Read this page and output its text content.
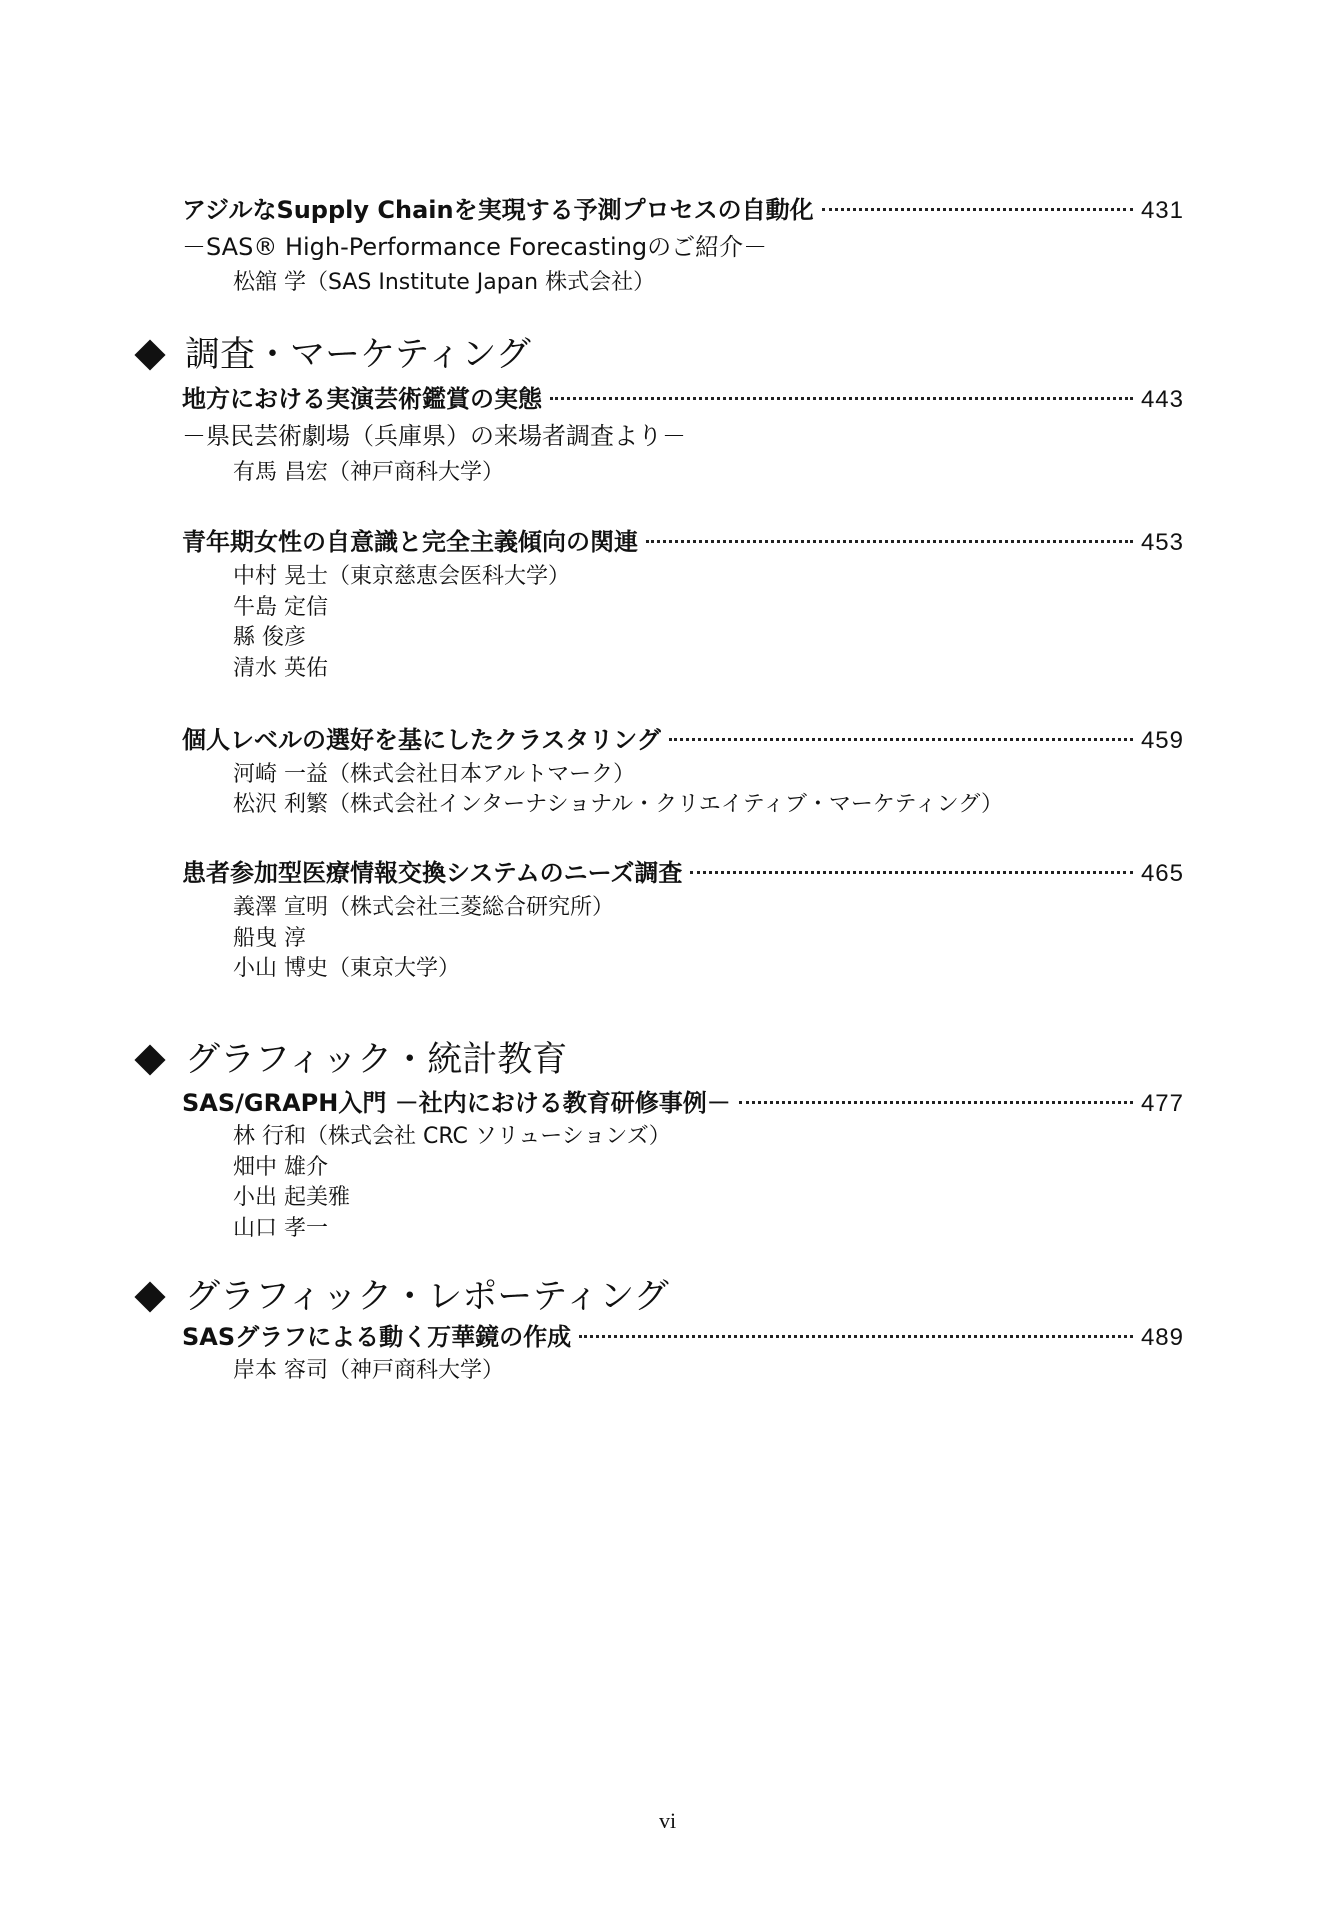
アジルなSupply Chainを実現する予測プロセスの自動化	431
－SAS® High-Performance Forecastingのご紹介－
松舘 学（SAS Institute Japan 株式会社）
調査・マーケティング
地方における実演芸術鑑賞の実態	443
－県民芸術劇場（兵庫県）の来場者調査より－
有馬 昌宏（神戸商科大学）
青年期女性の自意識と完全主義傾向の関連	453
中村 晃士（東京慈恵会医科大学）
牛島 定信
縣 俊彦
清水 英佑
個人レベルの選好を基にしたクラスタリング	459
河崎 一益（株式会社日本アルトマーク）
松沢 利繁（株式会社インターナショナル・クリエイティブ・マーケティング）
患者参加型医療情報交換システムのニーズ調査	465
義澤 宣明（株式会社三菱総合研究所）
船曳 淳
小山 博史（東京大学）
グラフィック・統計教育
SAS/GRAPH入門 －社内における教育研修事例－	477
林 行和（株式会社 CRC ソリューションズ）
畑中 雄介
小出 起美雅
山口 孝一
グラフィック・レポーティング
SASグラフによる動く万華鏡の作成	489
岸本 容司（神戸商科大学）
vi
